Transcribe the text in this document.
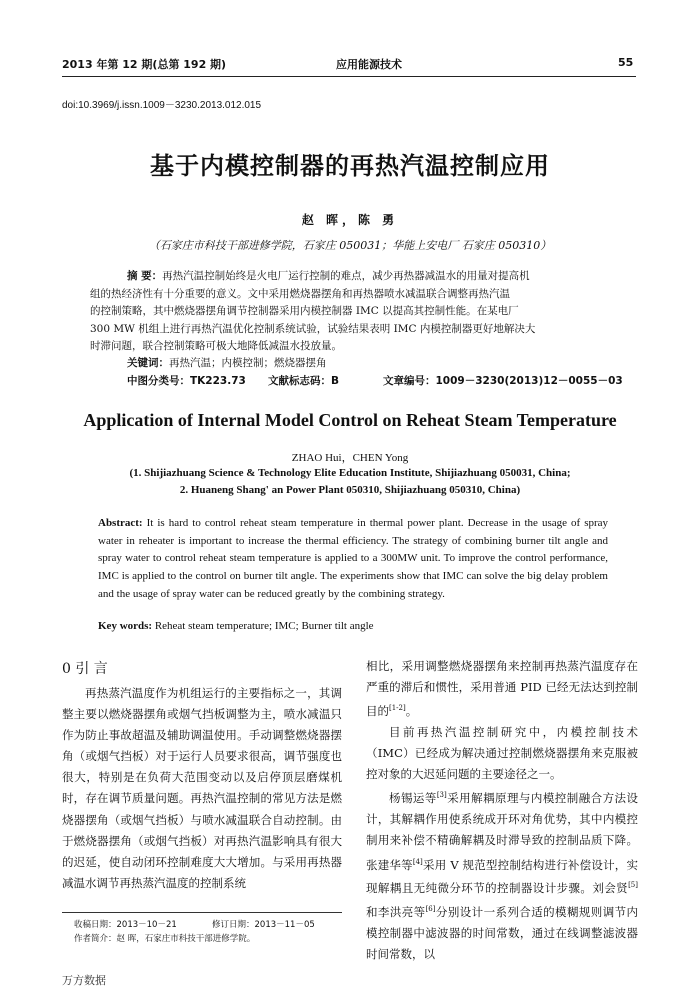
2013 年第 12 期(总第 192 期)	应用能源技术	55
doi:10.3969/j.issn.1009－3230.2013.012.015
基于内模控制器的再热汽温控制应用
赵 晖，陈 勇
（石家庄市科技干部进修学院，石家庄 050031；华能上安电厂 石家庄 050310）
摘 要：再热汽温控制始终是火电厂运行控制的难点，减少再热器减温水的用量对提高机
组的热经济性有十分重要的意义。文中采用燃烧器摆角和再热器喷水减温联合调整再热汽温
的控制策略，其中燃烧器摆角调节控制器采用内模控制器 IMC 以提高其控制性能。在某电厂
300 MW 机组上进行再热汽温优化控制系统试验，试验结果表明 IMC 内模控制器更好地解决大
时滞问题，联合控制策略可极大地降低减温水投放量。
关键词：再热汽温；内模控制；燃烧器摆角
中图分类号：TK223.73 文献标志码：B	文章编号：1009－3230(2013)12－0055－03
Application of Internal Model Control on Reheat Steam Temperature
ZHAO Hui，CHEN Yong
(1. Shijiazhuang Science & Technology Elite Education Institute, Shijiazhuang 050031, China;
2. Huaneng Shang' an Power Plant 050310, Shijiazhuang 050310, China)
Abstract: It is hard to control reheat steam temperature in thermal power plant. Decrease in the usage of spray water in reheater is important to increase the thermal efficiency. The strategy of combining burner tilt angle and spray water to control reheat steam temperature is applied to a 300MW unit. To improve the control performance, IMC is applied to the control on burner tilt angle. The experiments show that IMC can solve the big delay problem and the usage of spray water can be reduced greatly by the combining strategy.
Key words: Reheat steam temperature; IMC; Burner tilt angle
0 引 言

再热蒸汽温度作为机组运行的主要指标之一，其调整主要以燃烧器摆角或烟气挡板调整为主，喷水减温只作为防止事故超温及辅助调温使用。手动调整燃烧器摆角（或烟气挡板）对于运行人员要求很高，调节强度也很大，特别是在负荷大范围变动以及启停顶层磨煤机时，存在调节质量问题。再热汽温控制的常见方法是燃烧器摆角（或烟气挡板）与喷水减温联合自动控制。由于燃烧器摆角（或烟气挡板）对再热汽温影响具有很大的迟延，使自动闭环控制难度大大增加。与采用再热器减温水调节再热蒸汽温度的控制系统

相比，采用调整燃烧器摆角来控制再热蒸汽温度存在严重的滞后和惯性，采用普通 PID 已经无法达到控制目的[1-2]。

目前再热汽温控制研究中，内模控制技术（IMC）已经成为解决通过控制燃烧器摆角来克服被控对象的大迟延问题的主要途径之一。

杨锡运等[3]采用解耦原理与内模控制融合方法设计，其解耦作用使系统成开环对角优势，其中内模控制用来补偿不精确解耦及时滞导致的控制品质下降。张建华等[4]采用 V 规范型控制结构进行补偿设计，实现解耦且无纯微分环节的控制器设计步骤。刘会贤[5]和李洪亮等[6]分别设计一系列合适的模糊规则调节内模控制器中滤波器的时间常数，通过在线调整滤波器时间常数，以

收稿日期：2013－10－21	修订日期：2013－11－05
作者简介：赵 晖，石家庄市科技干部进修学院。
万方数据
